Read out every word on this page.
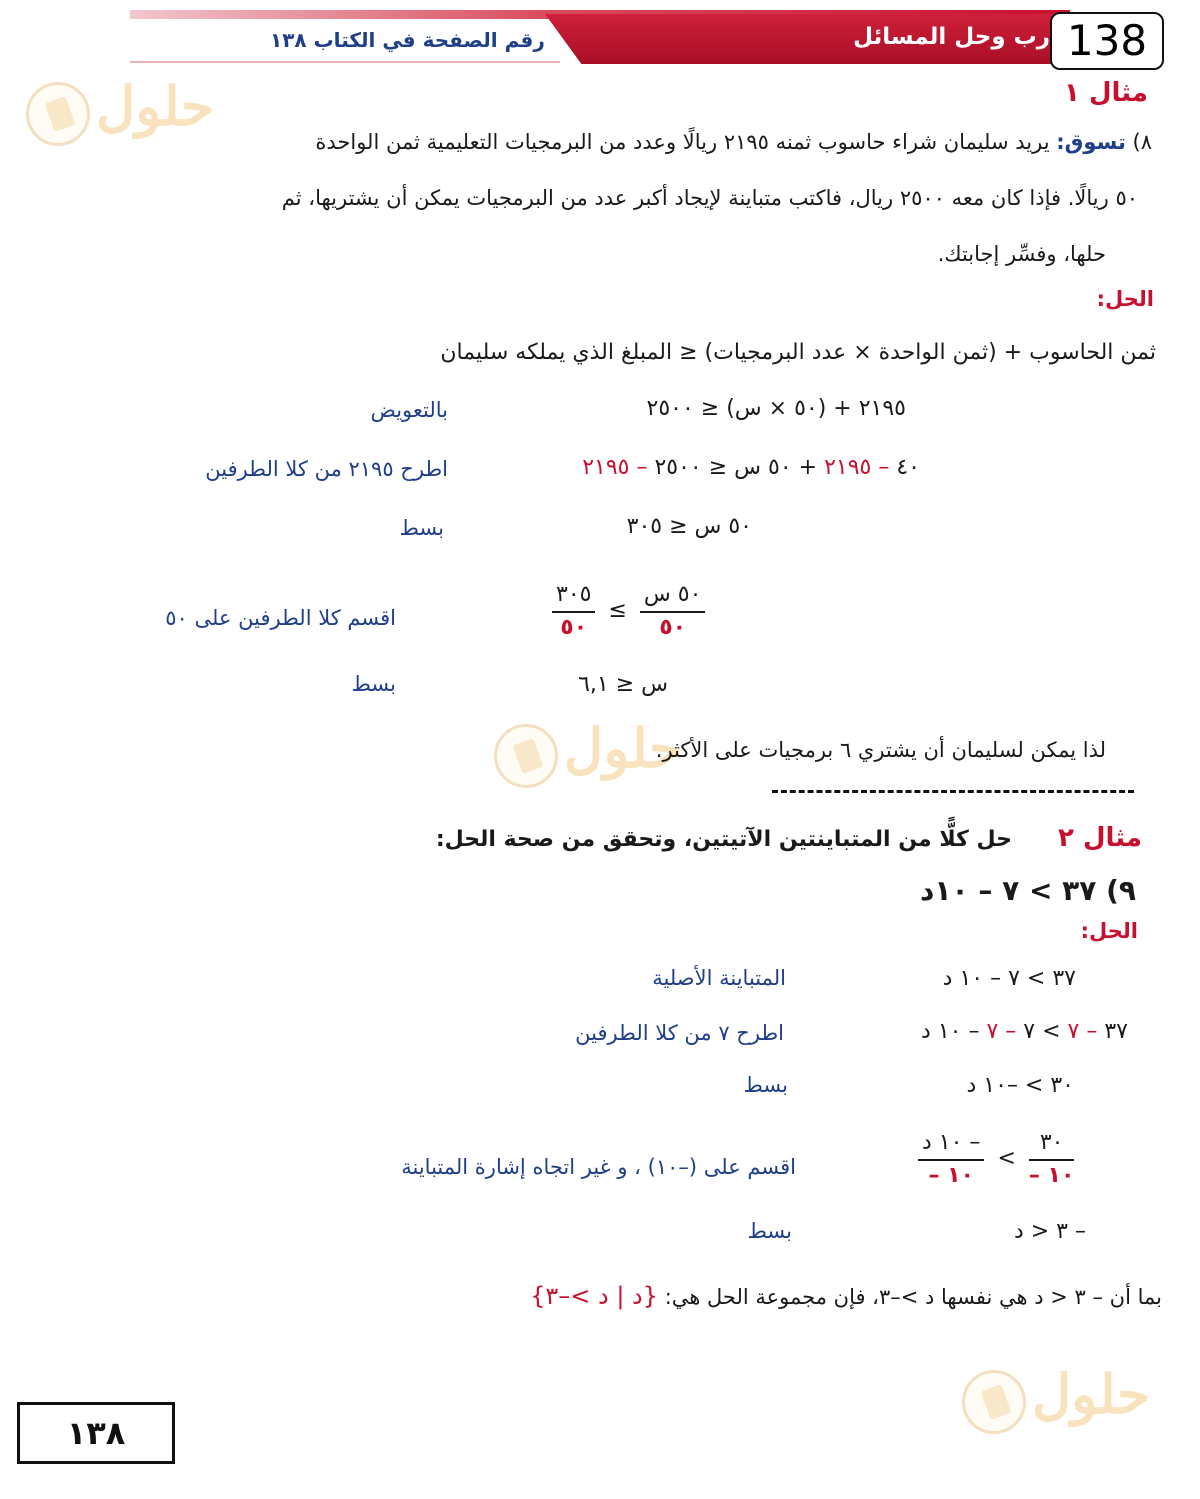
رب وحل المسائل
رقم الصفحة في الكتاب ١٣٨	138
حلول
حلول
حلول
مثال ١
٨) تسوق: يريد سليمان شراء حاسوب ثمنه ٢١٩٥ ريالًا وعدد من البرمجيات التعليمية ثمن الواحدة
٥٠ ريالًا. فإذا كان معه ٢٥٠٠ ريال، فاكتب متباينة لإيجاد أكبر عدد من البرمجيات يمكن أن يشتريها، ثم
حلها، وفسِّر إجابتك.
الحل:
ثمن الحاسوب + (ثمن الواحدة × عدد البرمجيات) ≤ المبلغ الذي يملكه سليمان
٢١٩٥ + (٥٠ × س) ≤ ٢٥٠٠
بالتعويض
٤٠ – ٢١٩٥ + ٥٠ س ≤ ٢٥٠٠ – ٢١٩٥
اطرح ٢١٩٥ من كلا الطرفين
٥٠ س ≤ ٣٠٥
بسط
$\frac{٣٠٥}{٥٠} \le \frac{\text{٥٠ س}}{٥٠}$
اقسم كلا الطرفين على ٥٠
س ≤ ٦,١
بسط
لذا يمكن لسليمان أن يشتري ٦ برمجيات على الأكثر.
مثال ٢
حل كلًّا من المتباينتين الآتيتين، وتحقق من صحة الحل:
٩) ٣٧ > ٧ – ١٠د
الحل:
٣٧ > ٧ – ١٠ د
المتباينة الأصلية
٣٧ – ٧ > ٧ – ٧ – ١٠ د
اطرح ٧ من كلا الطرفين
٣٠ > –١٠ د
بسط
$\frac{\text{– ١٠ د}}{- ١٠} < \frac{٣٠}{- ١٠}$
اقسم على (–١٠) ، و غير اتجاه إشارة المتباينة
– ٣ < د
بسط
بما أن – ٣ < د هي نفسها د >–٣، فإن مجموعة الحل هي: {د | د >–٣}
١٣٨
